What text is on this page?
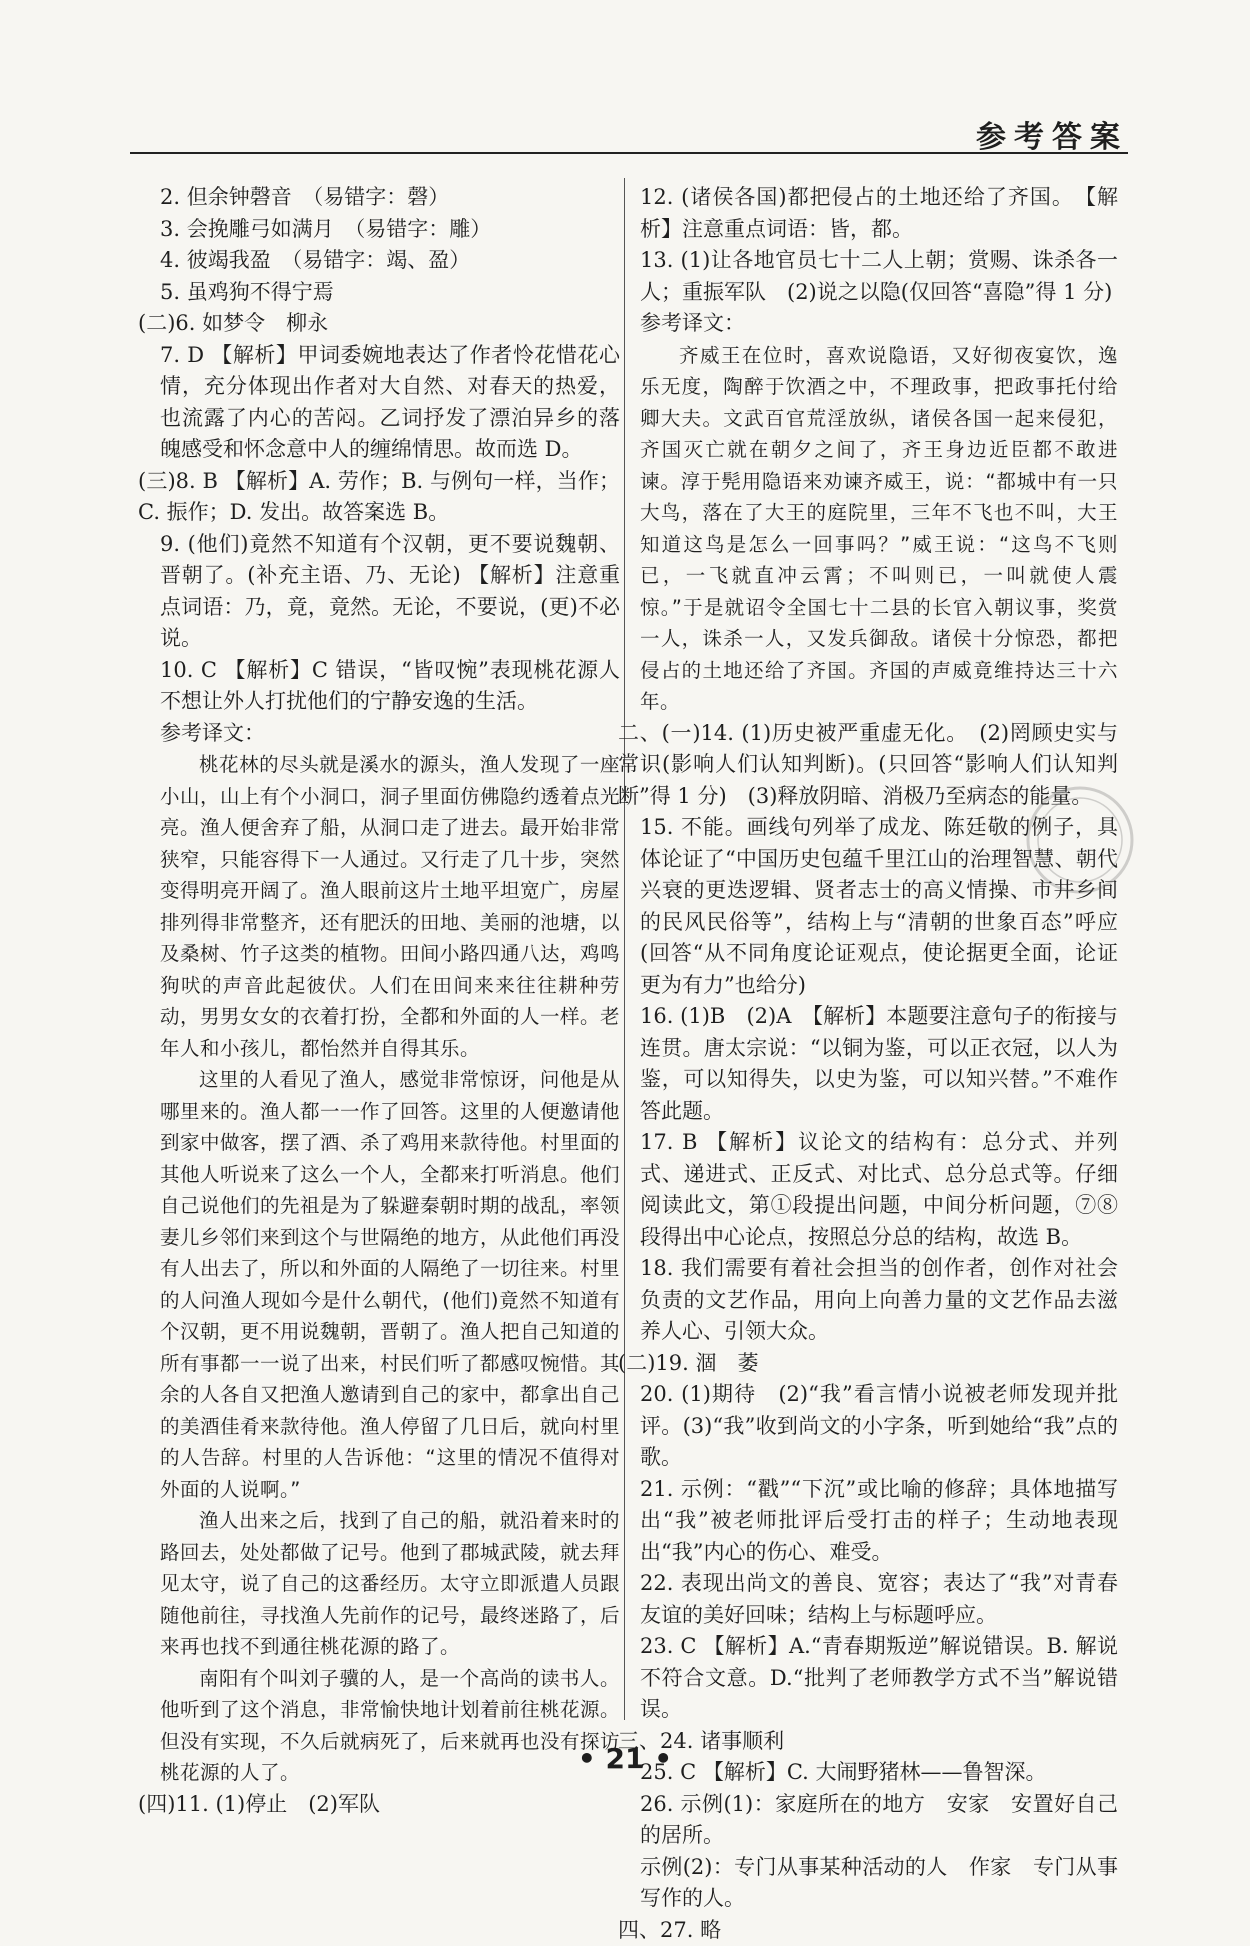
参考答案

2. 但余钟磬音　（易错字：磬）

3. 会挽雕弓如满月　（易错字：雕）

4. 彼竭我盈　（易错字：竭、盈）

5. 虽鸡狗不得宁焉

(二)6. 如梦令　柳永

7. D 【解析】甲词委婉地表达了作者怜花惜花心情，充分体现出作者对大自然、对春天的热爱，也流露了内心的苦闷。乙词抒发了漂泊异乡的落魄感受和怀念意中人的缠绵情思。故而选 D。

(三)8. B 【解析】A. 劳作；B. 与例句一样，当作；C. 振作；D. 发出。故答案选 B。

9. (他们)竟然不知道有个汉朝，更不要说魏朝、晋朝了。(补充主语、乃、无论) 【解析】注意重点词语：乃，竟，竟然。无论，不要说，(更)不必说。

10. C 【解析】C 错误，“皆叹惋”表现桃花源人不想让外人打扰他们的宁静安逸的生活。

参考译文：

桃花林的尽头就是溪水的源头，渔人发现了一座小山，山上有个小洞口，洞子里面仿佛隐约透着点光亮。渔人便舍弃了船，从洞口走了进去。最开始非常狭窄，只能容得下一人通过。又行走了几十步，突然变得明亮开阔了。渔人眼前这片土地平坦宽广，房屋排列得非常整齐，还有肥沃的田地、美丽的池塘，以及桑树、竹子这类的植物。田间小路四通八达，鸡鸣狗吠的声音此起彼伏。人们在田间来来往往耕种劳动，男男女女的衣着打扮，全都和外面的人一样。老年人和小孩儿，都怡然并自得其乐。

这里的人看见了渔人，感觉非常惊讶，问他是从哪里来的。渔人都一一作了回答。这里的人便邀请他到家中做客，摆了酒、杀了鸡用来款待他。村里面的其他人听说来了这么一个人，全都来打听消息。他们自己说他们的先祖是为了躲避秦朝时期的战乱，率领妻儿乡邻们来到这个与世隔绝的地方，从此他们再没有人出去了，所以和外面的人隔绝了一切往来。村里的人问渔人现如今是什么朝代，(他们)竟然不知道有个汉朝，更不用说魏朝，晋朝了。渔人把自己知道的所有事都一一说了出来，村民们听了都感叹惋惜。其余的人各自又把渔人邀请到自己的家中，都拿出自己的美酒佳肴来款待他。渔人停留了几日后，就向村里的人告辞。村里的人告诉他：“这里的情况不值得对外面的人说啊。”

渔人出来之后，找到了自己的船，就沿着来时的路回去，处处都做了记号。他到了郡城武陵，就去拜见太守，说了自己的这番经历。太守立即派遣人员跟随他前往，寻找渔人先前作的记号，最终迷路了，后来再也找不到通往桃花源的路了。

南阳有个叫刘子骥的人，是一个高尚的读书人。他听到了这个消息，非常愉快地计划着前往桃花源。但没有实现，不久后就病死了，后来就再也没有探访桃花源的人了。

(四)11. (1)停止　(2)军队

12. (诸侯各国)都把侵占的土地还给了齐国。　【解析】注意重点词语：皆，都。

13. (1)让各地官员七十二人上朝；赏赐、诛杀各一人；重振军队　(2)说之以隐(仅回答“喜隐”得 1 分)

参考译文：

齐威王在位时，喜欢说隐语，又好彻夜宴饮，逸乐无度，陶醉于饮酒之中，不理政事，把政事托付给卿大夫。文武百官荒淫放纵，诸侯各国一起来侵犯，齐国灭亡就在朝夕之间了，齐王身边近臣都不敢进谏。淳于髡用隐语来劝谏齐威王，说：“都城中有一只大鸟，落在了大王的庭院里，三年不飞也不叫，大王知道这鸟是怎么一回事吗？”威王说：“这鸟不飞则已，一飞就直冲云霄；不叫则已，一叫就使人震惊。”于是就诏令全国七十二县的长官入朝议事，奖赏一人，诛杀一人，又发兵御敌。诸侯十分惊恐，都把侵占的土地还给了齐国。齐国的声威竟维持达三十六年。

二、(一)14. (1)历史被严重虚无化。　(2)罔顾史实与常识(影响人们认知判断)。(只回答“影响人们认知判断”得 1 分)　(3)释放阴暗、消极乃至病态的能量。

15. 不能。画线句列举了成龙、陈廷敬的例子，具体论证了“中国历史包蕴千里江山的治理智慧、朝代兴衰的更迭逻辑、贤者志士的高义情操、市井乡间的民风民俗等”，结构上与“清朝的世象百态”呼应(回答“从不同角度论证观点，使论据更全面，论证更为有力”也给分)

16. (1)B　(2)A　【解析】本题要注意句子的衔接与连贯。唐太宗说：“以铜为鉴，可以正衣冠，以人为鉴，可以知得失，以史为鉴，可以知兴替。”不难作答此题。

17. B 【解析】议论文的结构有：总分式、并列式、递进式、正反式、对比式、总分总式等。仔细阅读此文，第①段提出问题，中间分析问题，⑦⑧段得出中心论点，按照总分总的结构，故选 B。

18. 我们需要有着社会担当的创作者，创作对社会负责的文艺作品，用向上向善力量的文艺作品去滋养人心、引领大众。

(二)19. 涸　萎

20. (1)期待　(2)“我”看言情小说被老师发现并批评。(3)“我”收到尚文的小字条，听到她给“我”点的歌。

21. 示例：“戳”“下沉”或比喻的修辞；具体地描写出“我”被老师批评后受打击的样子；生动地表现出“我”内心的伤心、难受。

22. 表现出尚文的善良、宽容；表达了“我”对青春友谊的美好回味；结构上与标题呼应。

23. C 【解析】A.“青春期叛逆”解说错误。B. 解说不符合文意。D.“批判了老师教学方式不当”解说错误。

三、24. 诸事顺利

25. C 【解析】C. 大闹野猪林——鲁智深。

26. 示例(1)：家庭所在的地方　安家　安置好自己的居所。

示例(2)：专门从事某种活动的人　作家　专门从事写作的人。

四、27. 略

• 21 •
